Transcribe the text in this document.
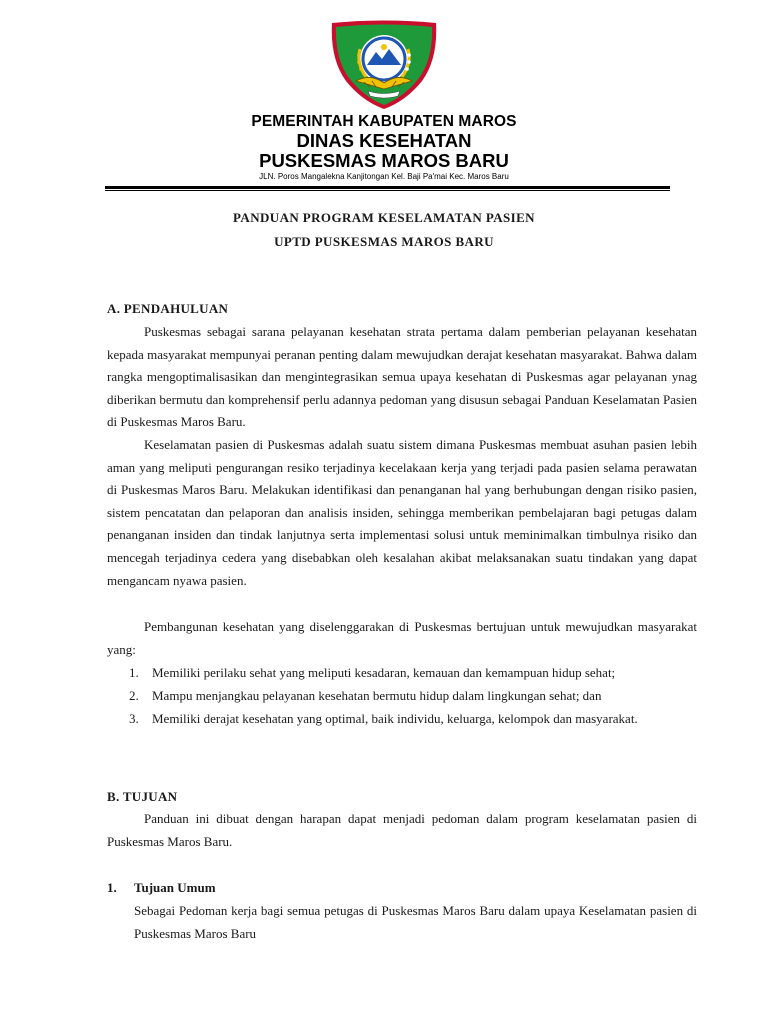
PEMERINTAH KABUPATEN MAROS
DINAS KESEHATAN
PUSKESMAS MAROS BARU
JLN. Poros Mangalekna Kanjitongan Kel. Baji Pa'mai Kec. Maros Baru
PANDUAN PROGRAM KESELAMATAN PASIEN
UPTD PUSKESMAS MAROS BARU
A. PENDAHULUAN

Puskesmas sebagai sarana pelayanan kesehatan strata pertama dalam pemberian pelayanan kesehatan kepada masyarakat mempunyai peranan penting dalam mewujudkan derajat kesehatan masyarakat. Bahwa dalam rangka mengoptimalisasikan dan mengintegrasikan semua upaya kesehatan di Puskesmas agar pelayanan ynag diberikan bermutu dan komprehensif perlu adannya pedoman yang disusun sebagai Panduan Keselamatan Pasien di Puskesmas Maros Baru.

Keselamatan pasien di Puskesmas adalah suatu sistem dimana Puskesmas membuat asuhan pasien lebih aman yang meliputi pengurangan resiko terjadinya kecelakaan kerja yang terjadi pada pasien selama perawatan di Puskesmas Maros Baru. Melakukan identifikasi dan penanganan hal yang berhubungan dengan risiko pasien, sistem pencatatan dan pelaporan dan analisis insiden, sehingga memberikan pembelajaran bagi petugas dalam penanganan insiden dan tindak lanjutnya serta implementasi solusi untuk meminimalkan timbulnya risiko dan mencegah terjadinya cedera yang disebabkan oleh kesalahan akibat melaksanakan suatu tindakan yang dapat mengancam nyawa pasien.

Pembangunan kesehatan yang diselenggarakan di Puskesmas bertujuan untuk mewujudkan masyarakat yang:

1. Memiliki perilaku sehat yang meliputi kesadaran, kemauan dan kemampuan hidup sehat;
2. Mampu menjangkau pelayanan kesehatan bermutu hidup dalam lingkungan sehat; dan
3. Memiliki derajat kesehatan yang optimal, baik individu, keluarga, kelompok dan masyarakat.
B. TUJUAN

Panduan ini dibuat dengan harapan dapat menjadi pedoman dalam program keselamatan pasien di Puskesmas Maros Baru.

1. Tujuan Umum

Sebagai Pedoman kerja bagi semua petugas di Puskesmas Maros Baru dalam upaya Keselamatan pasien di Puskesmas Maros Baru
